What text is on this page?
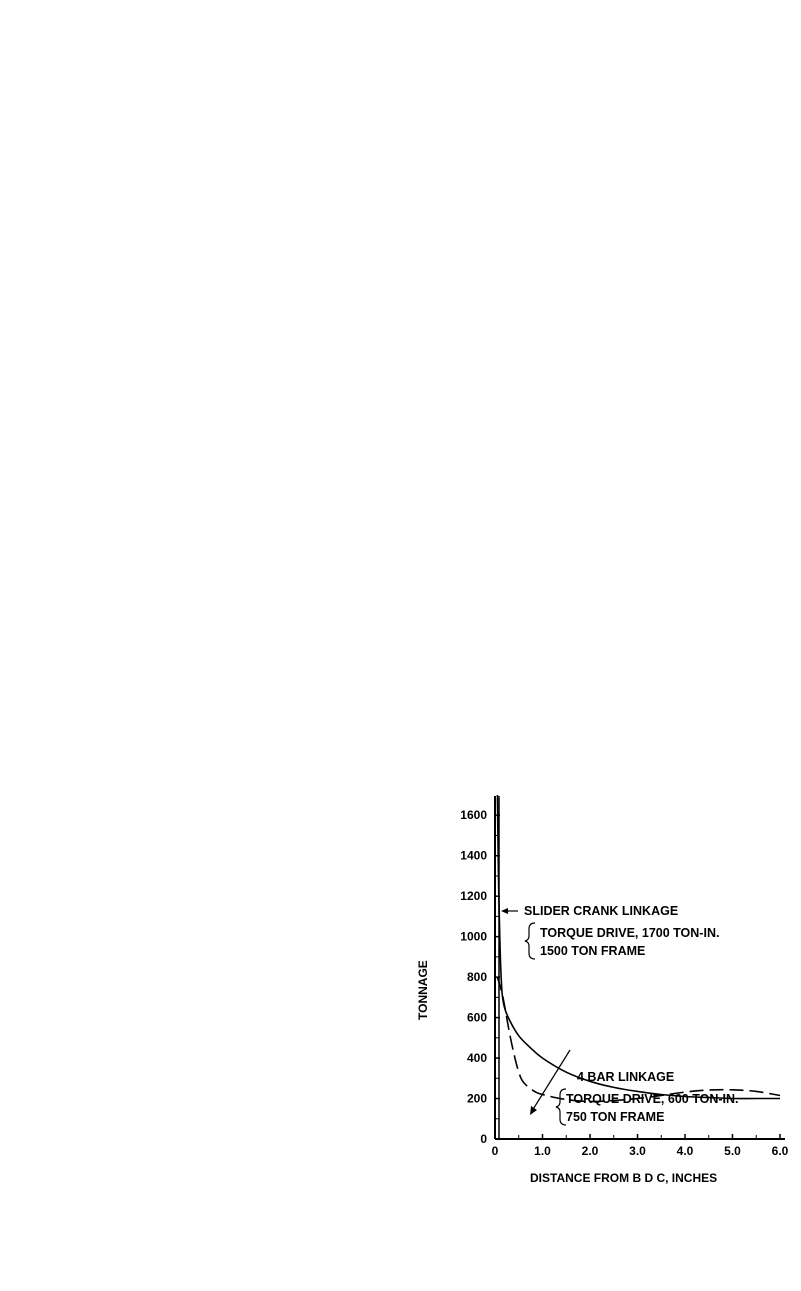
0
200
400
600
800
1000
1200
1400
1600
0	1.0	2.0	3.0	4.0	5.0	6.0
TONNAGE
DISTANCE FROM B D C, INCHES
SLIDER CRANK LINKAGE
TORQUE DRIVE, 1700 TON-IN.
1500 TON FRAME
4 BAR LINKAGE
TORQUE DRIVE, 600 TON-IN.
750 TON FRAME
